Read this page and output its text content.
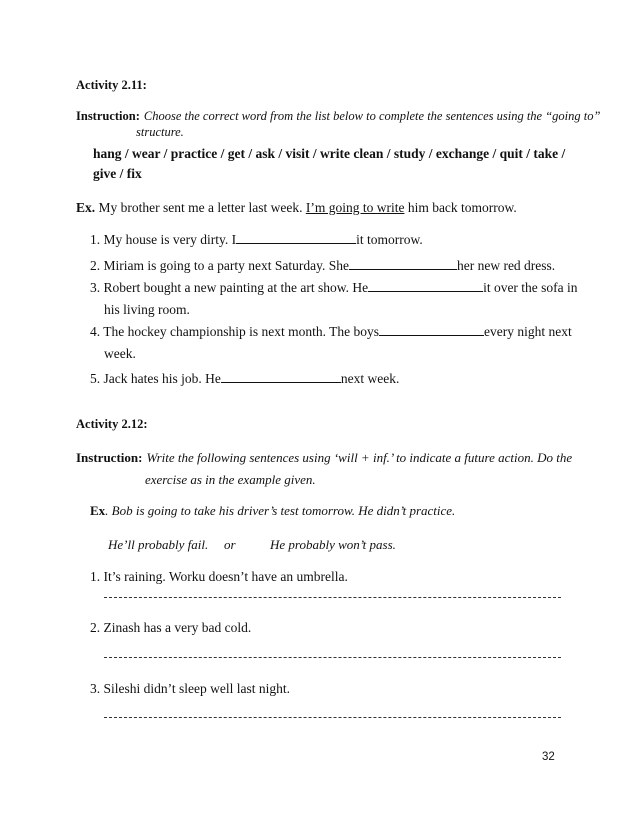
Activity 2.11:
Instruction: Choose the correct word from the list below to complete the sentences using the “going to”
structure.
hang / wear / practice / get / ask / visit / write clean / study / exchange / quit / take /
give / fix
Ex. My brother sent me a letter last week. I’m going to write him back tomorrow.
1. My house is very dirty. I	it tomorrow.
2. Miriam is going to a party next Saturday. She	her new red dress.
3. Robert bought a new painting at the art show. He	it over the sofa in
his living room.
4. The hockey championship is next month. The boys	every night next
week.
5. Jack hates his job. He	next week.
Activity 2.12:
Instruction: Write the following sentences using ‘will + inf.’ to indicate a future action. Do the
exercise as in the example given.
Ex. Bob is going to take his driver’s test tomorrow. He didn’t practice.
He’ll probably fail. or	He probably won’t pass.
1. It’s raining. Worku doesn’t have an umbrella.
2. Zinash has a very bad cold.
3. Sileshi didn’t sleep well last night.
32
